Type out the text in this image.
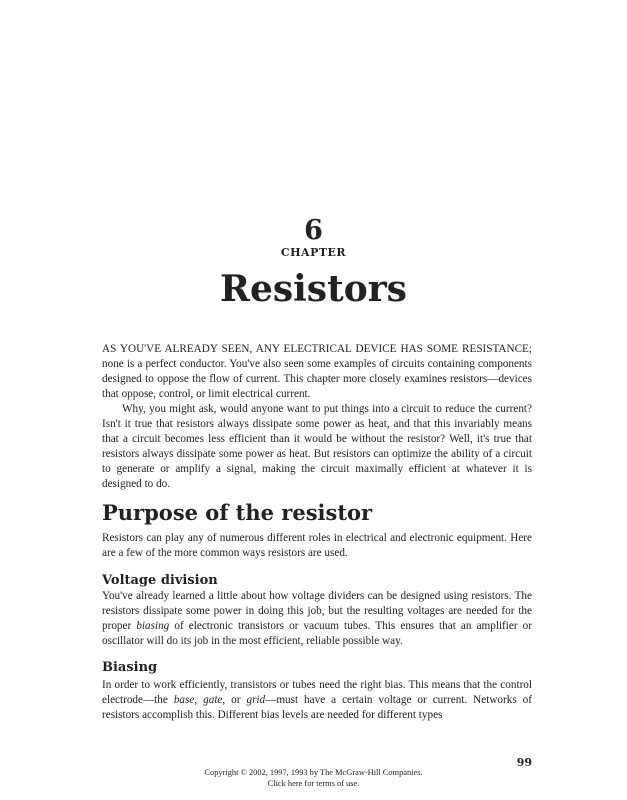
6
CHAPTER
Resistors

AS YOU'VE ALREADY SEEN, ANY ELECTRICAL DEVICE HAS SOME RESISTANCE; none is a perfect conductor. You've also seen some examples of circuits containing components designed to oppose the flow of current. This chapter more closely examines resistors—devices that oppose, control, or limit electrical current.

Why, you might ask, would anyone want to put things into a circuit to reduce the current? Isn't it true that resistors always dissipate some power as heat, and that this invariably means that a circuit becomes less efficient than it would be without the resistor? Well, it's true that resistors always dissipate some power as heat. But resistors can optimize the ability of a circuit to generate or amplify a signal, making the circuit maximally efficient at whatever it is designed to do.

Purpose of the resistor

Resistors can play any of numerous different roles in electrical and electronic equipment. Here are a few of the more common ways resistors are used.

Voltage division

You've already learned a little about how voltage dividers can be designed using resistors. The resistors dissipate some power in doing this job, but the resulting voltages are needed for the proper biasing of electronic transistors or vacuum tubes. This ensures that an amplifier or oscillator will do its job in the most efficient, reliable possible way.

Biasing

In order to work efficiently, transistors or tubes need the right bias. This means that the control electrode—the base, gate, or grid—must have a certain voltage or current. Networks of resistors accomplish this. Different bias levels are needed for different types

99
Copyright © 2002, 1997, 1993 by The McGraw-Hill Companies.
Click here for terms of use.
